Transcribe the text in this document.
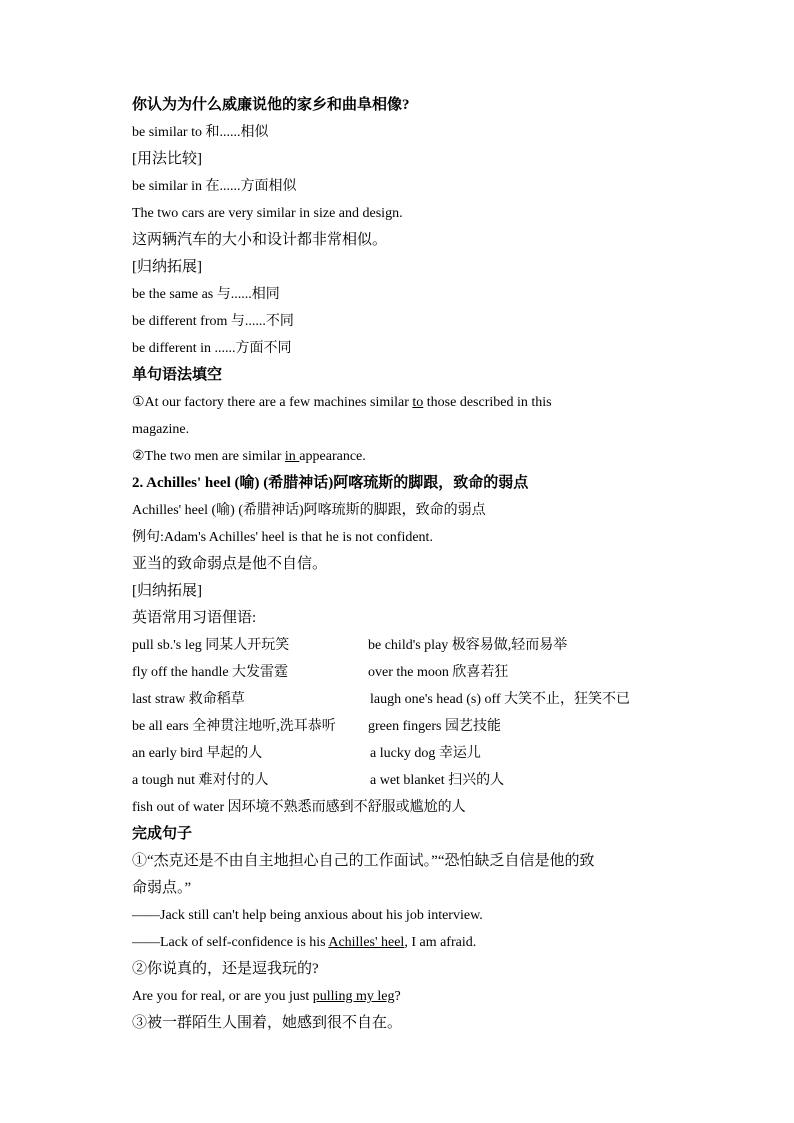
你认为为什么威廉说他的家乡和曲阜相像?
be similar to 和......相似
[用法比较]
be similar in 在......方面相似
The two cars are very similar in size and design.
这两辆汽车的大小和设计都非常相似。
[归纳拓展]
be the same as 与......相同
be different from 与......不同
be different in ......方面不同
单句语法填空
①At our factory there are a few machines similar to those described in this
magazine.
②The two men are similar in appearance.
2. Achilles' heel (喻) (希腊神话)阿喀琉斯的脚跟，致命的弱点
Achilles' heel (喻) (希腊神话)阿喀琉斯的脚跟，致命的弱点
例句:Adam's Achilles' heel is that he is not confident.
亚当的致命弱点是他不自信。
[归纳拓展]
英语常用习语俚语:
pull sb.'s leg 同某人开玩笑	be child's play 极容易做,轻而易举
fly off the handle 大发雷霆	over the moon 欣喜若狂
last straw 救命稻草	laugh one's head (s) off 大笑不止，狂笑不已
be all ears 全神贯注地听,洗耳恭听 green fingers 园艺技能
an early bird 早起的人	a lucky dog 幸运儿
a tough nut 难对付的人	a wet blanket 扫兴的人
fish out of water 因环境不熟悉而感到不舒服或尴尬的人
完成句子
①“杰克还是不由自主地担心自己的工作面试。”“恐怕缺乏自信是他的致
命弱点。”
——Jack still can't help being anxious about his job interview.
——Lack of self-confidence is his Achilles' heel, I am afraid.
②你说真的，还是逗我玩的?
Are you for real, or are you just pulling my leg?
③被一群陌生人围着，她感到很不自在。
